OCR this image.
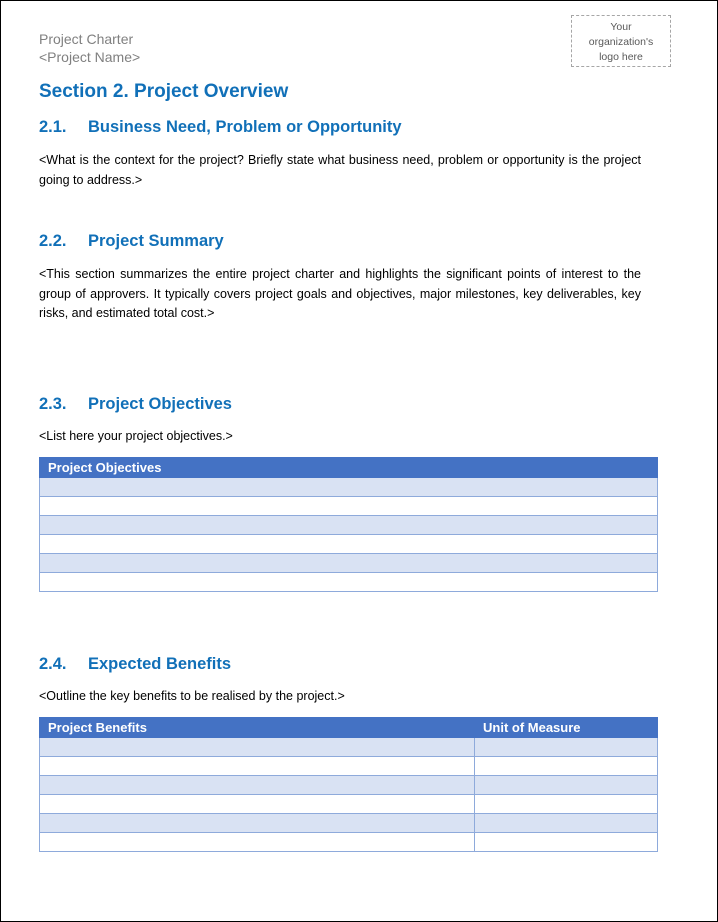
Project Charter
<Project Name>
Your
organization's
logo here
Section 2. Project Overview
2.1. Business Need, Problem or Opportunity
<What is the context for the project? Briefly state what business need, problem or opportunity is the project going to address.>
2.2. Project Summary
<This section summarizes the entire project charter and highlights the significant points of interest to the group of approvers. It typically covers project goals and objectives, major milestones, key deliverables, key risks, and estimated total cost.>
2.3. Project Objectives
<List here your project objectives.>
Project Objectives

2.4. Expected Benefits
<Outline the key benefits to be realised by the project.>
Project Benefits	Unit of Measure
